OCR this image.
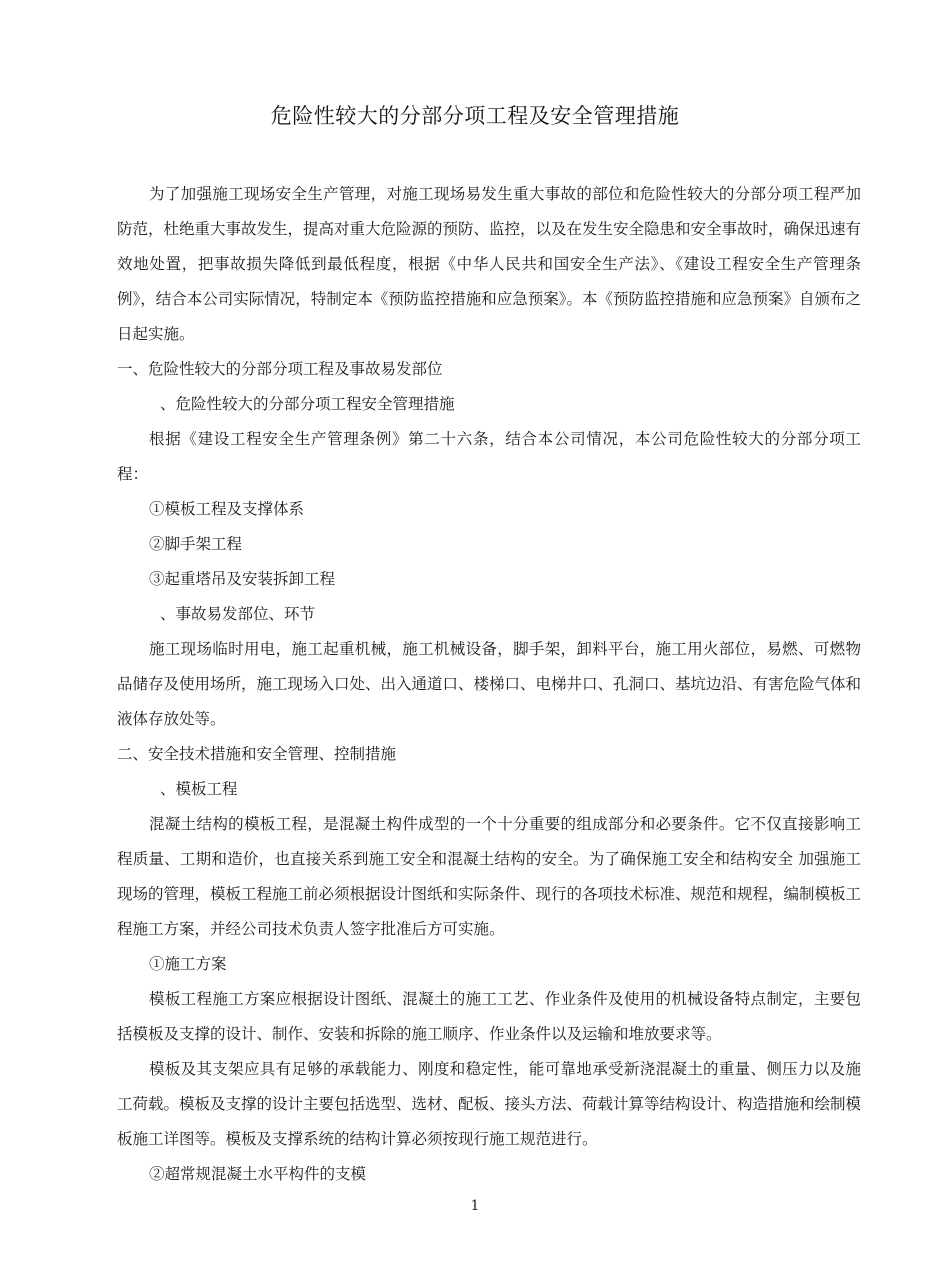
危险性较大的分部分项工程及安全管理措施

为了加强施工现场安全生产管理，对施工现场易发生重大事故的部位和危险性较大的分部分项工程严加防范，杜绝重大事故发生，提高对重大危险源的预防、监控，以及在发生安全隐患和安全事故时，确保迅速有效地处置，把事故损失降低到最低程度，根据《中华人民共和国安全生产法》、《建设工程安全生产管理条例》，结合本公司实际情况，特制定本《预防监控措施和应急预案》。本《预防监控措施和应急预案》自颁布之日起实施。

一、危险性较大的分部分项工程及事故易发部位

、危险性较大的分部分项工程安全管理措施

根据《建设工程安全生产管理条例》第二十六条，结合本公司情况，本公司危险性较大的分部分项工程：

①模板工程及支撑体系

②脚手架工程

③起重塔吊及安装拆卸工程

、事故易发部位、环节

施工现场临时用电，施工起重机械，施工机械设备，脚手架，卸料平台，施工用火部位，易燃、可燃物品储存及使用场所，施工现场入口处、出入通道口、楼梯口、电梯井口、孔洞口、基坑边沿、有害危险气体和液体存放处等。

二、安全技术措施和安全管理、控制措施

、模板工程

混凝土结构的模板工程，是混凝土构件成型的一个十分重要的组成部分和必要条件。它不仅直接影响工程质量、工期和造价，也直接关系到施工安全和混凝土结构的安全。为了确保施工安全和结构安全 加强施工现场的管理，模板工程施工前必须根据设计图纸和实际条件、现行的各项技术标准、规范和规程，编制模板工程施工方案，并经公司技术负责人签字批准后方可实施。

①施工方案

模板工程施工方案应根据设计图纸、混凝土的施工工艺、作业条件及使用的机械设备特点制定，主要包括模板及支撑的设计、制作、安装和拆除的施工顺序、作业条件以及运输和堆放要求等。

模板及其支架应具有足够的承载能力、刚度和稳定性，能可靠地承受新浇混凝土的重量、侧压力以及施工荷载。模板及支撑的设计主要包括选型、选材、配板、接头方法、荷载计算等结构设计、构造措施和绘制模板施工详图等。模板及支撑系统的结构计算必须按现行施工规范进行。

②超常规混凝土水平构件的支模

1
